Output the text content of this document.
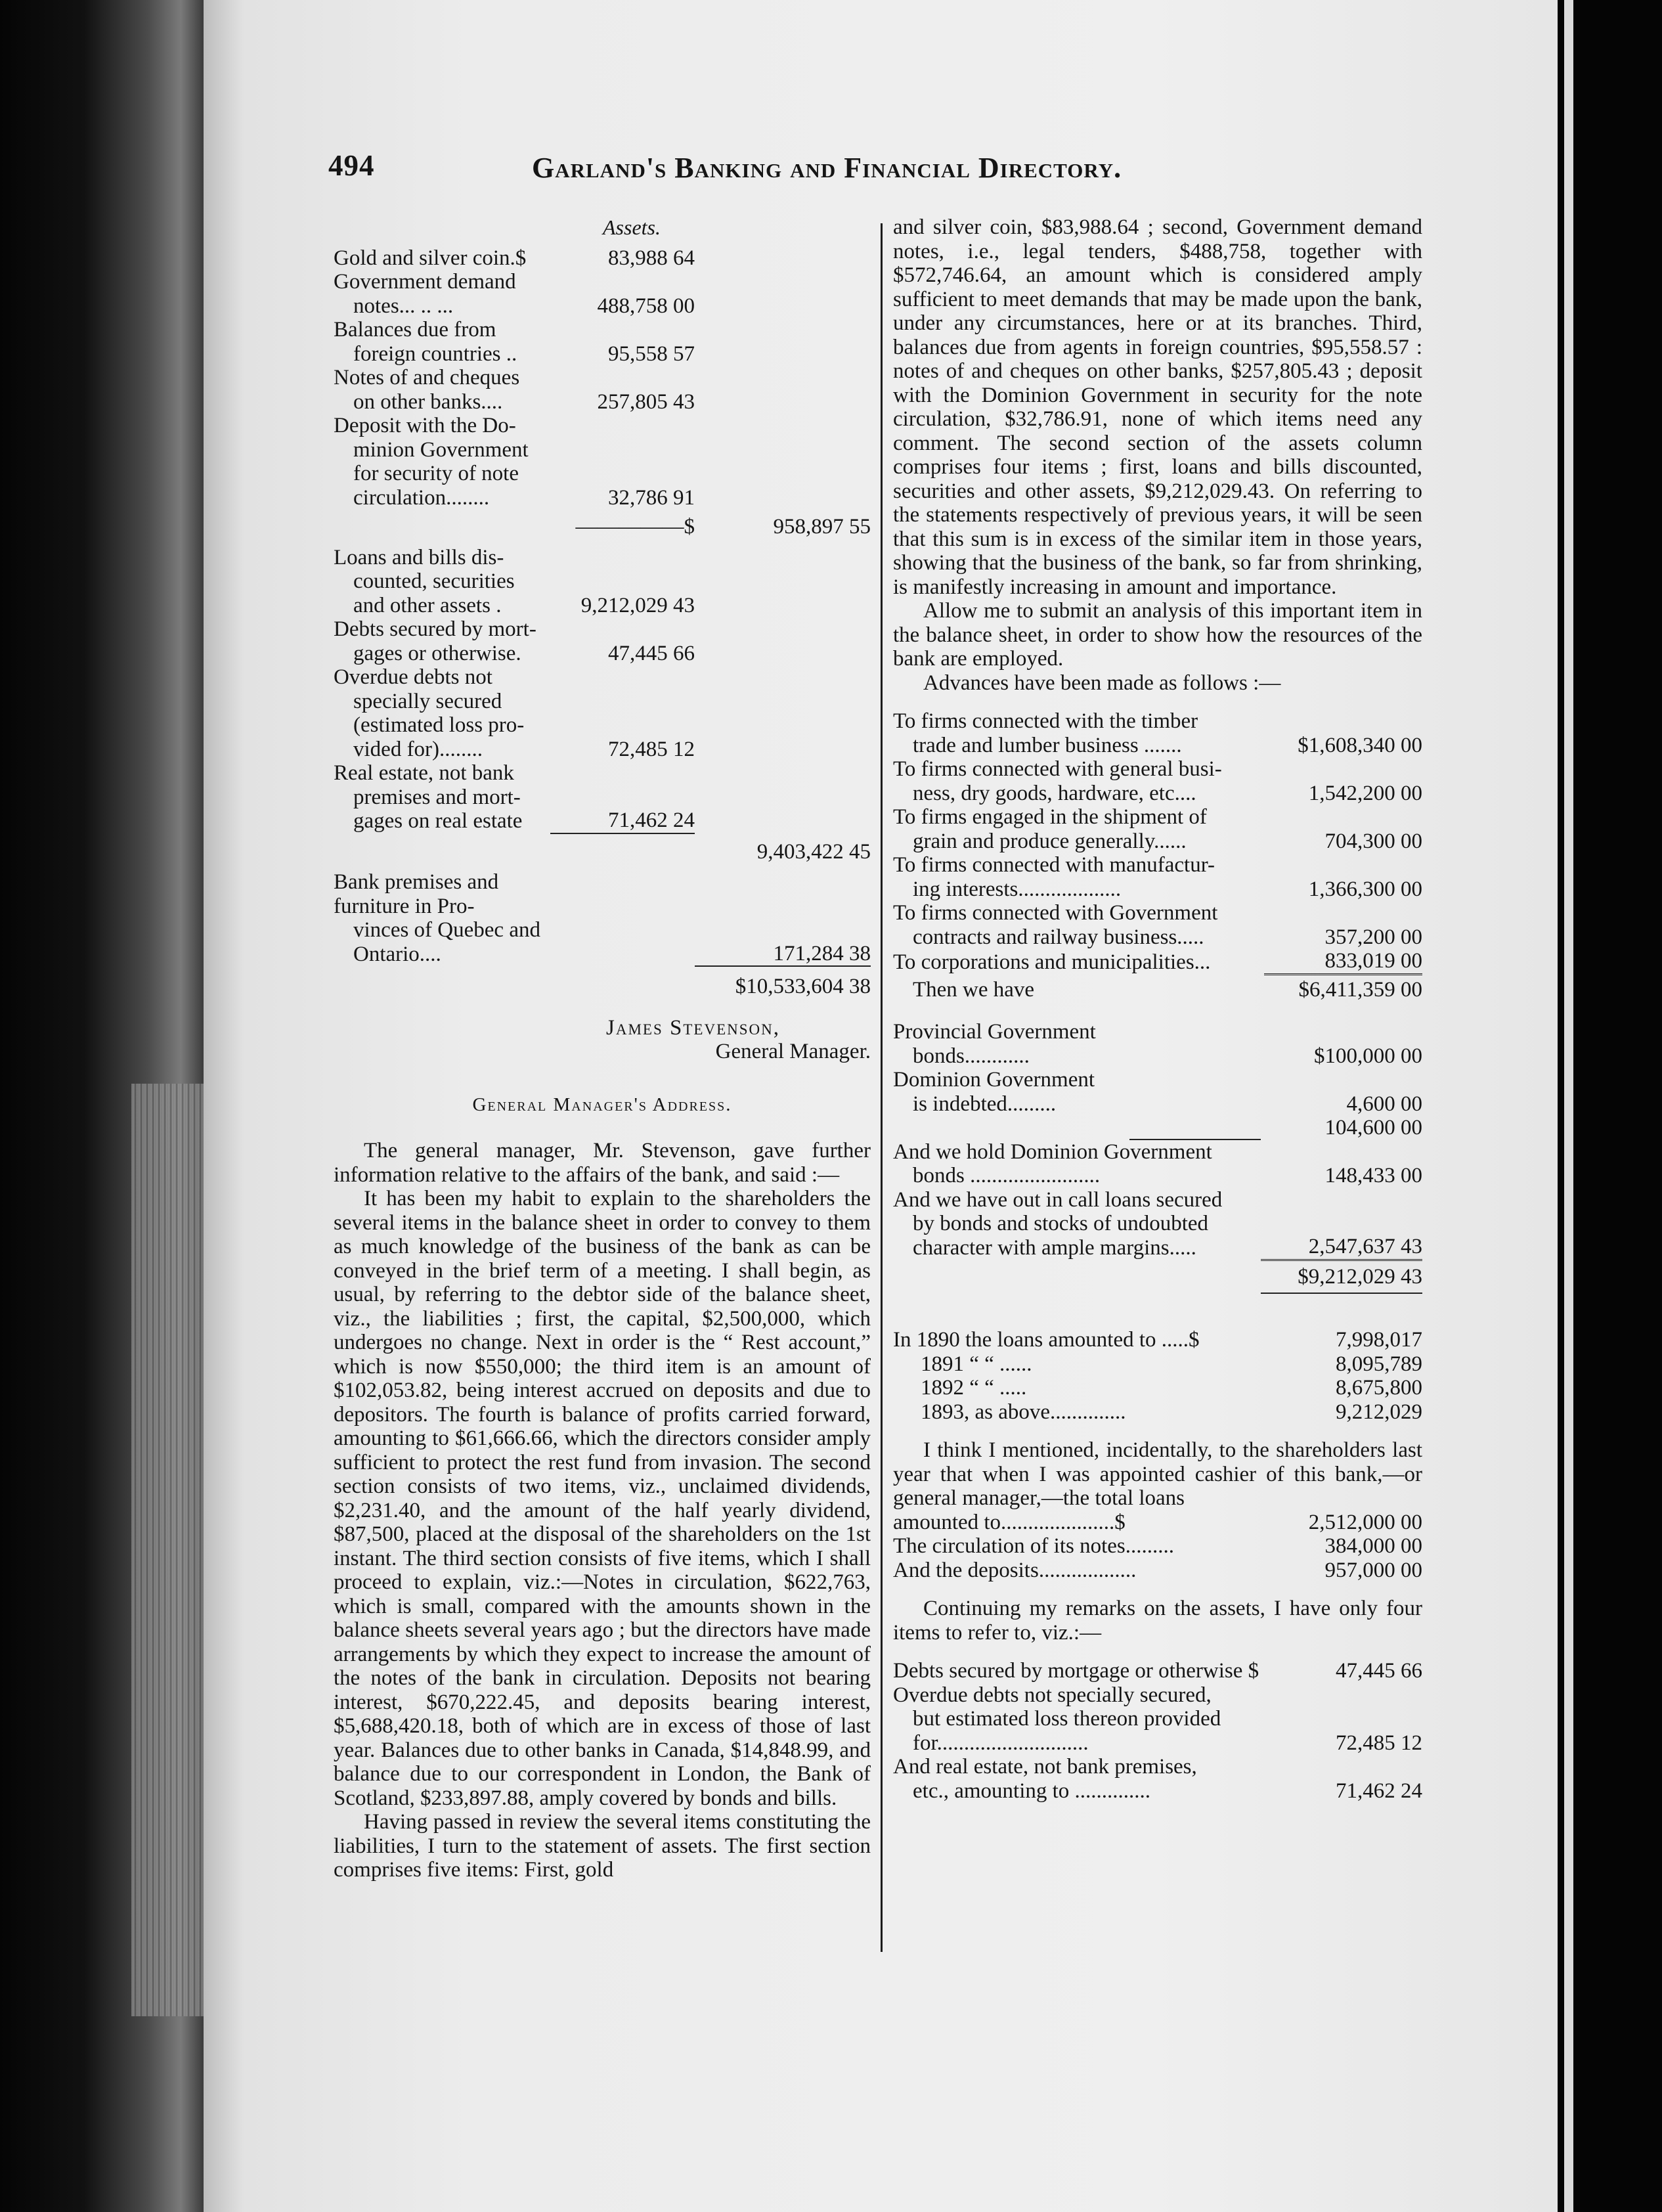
494	Garland's Banking and Financial Directory.
Assets.
Gold and silver coin.$	83,988 64	

Government demand
notes... .. ...	488,758 00	

Balances due from
foreign countries ..	95,558 57	

Notes of and cheques
on other banks....	257,805 43	

Deposit with the Do-
minion Government
for security of note
circulation........	32,786 91	

	—————$	958,897 55

Loans and bills dis-
counted, securities
and other assets .	9,212,029 43	

Debts secured by mort-
gages or otherwise.	47,445 66	

Overdue debts not
specially secured
(estimated loss pro-
vided for)........	72,485 12	

Real estate, not bank
premises and mort-
gages on real estate	71,462 24	

		9,403,422 45

Bank premises and furniture in Pro-
vinces of Quebec and Ontario....		171,284 38

		$10,533,604 38
James Stevenson,
General Manager.
General Manager's Address.
The general manager, Mr. Stevenson, gave further information relative to the affairs of the bank, and said :—
It has been my habit to explain to the shareholders the several items in the balance sheet in order to convey to them as much knowledge of the business of the bank as can be conveyed in the brief term of a meeting. I shall begin, as usual, by referring to the debtor side of the balance sheet, viz., the liabilities ; first, the capital, $2,500,000, which undergoes no change. Next in order is the “ Rest account,” which is now $550,000; the third item is an amount of $102,053.82, being interest accrued on deposits and due to depositors. The fourth is balance of profits carried forward, amounting to $61,666.66, which the directors consider amply sufficient to protect the rest fund from invasion. The second section consists of two items, viz., unclaimed dividends, $2,231.40, and the amount of the half yearly dividend, $87,500, placed at the disposal of the shareholders on the 1st instant. The third section consists of five items, which I shall proceed to explain, viz.:—Notes in circulation, $622,763, which is small, compared with the amounts shown in the balance sheets several years ago ; but the directors have made arrangements by which they expect to increase the amount of the notes of the bank in circulation. Deposits not bearing interest, $670,222.45, and deposits bearing interest, $5,688,420.18, both of which are in excess of those of last year. Balances due to other banks in Canada, $14,848.99, and balance due to our correspondent in London, the Bank of Scotland, $233,897.88, amply covered by bonds and bills.
Having passed in review the several items constituting the liabilities, I turn to the statement of assets. The first section comprises five items: First, gold
and silver coin, $83,988.64 ; second, Government demand notes, i.e., legal tenders, $488,758, together with $572,746.64, an amount which is considered amply sufficient to meet demands that may be made upon the bank, under any circumstances, here or at its branches. Third, balances due from agents in foreign countries, $95,558.57 : notes of and cheques on other banks, $257,805.43 ; deposit with the Dominion Government in security for the note circulation, $32,786.91, none of which items need any comment. The second section of the assets column comprises four items ; first, loans and bills discounted, securities and other assets, $9,212,029.43. On referring to the statements respectively of previous years, it will be seen that this sum is in excess of the similar item in those years, showing that the business of the bank, so far from shrinking, is manifestly increasing in amount and importance.
Allow me to submit an analysis of this important item in the balance sheet, in order to show how the resources of the bank are employed.
Advances have been made as follows :—
To firms connected with the timber
trade and lumber business .......	$1,608,340 00

To firms connected with general busi-
ness, dry goods, hardware, etc....	1,542,200 00

To firms engaged in the shipment of
grain and produce generally......	704,300 00

To firms connected with manufactur-
ing interests...................	1,366,300 00

To firms connected with Government
contracts and railway business.....	357,200 00

To corporations and municipalities...	833,019 00
Then we have	$6,411,359 00
Provincial Government
bonds............	$100,000 00

Dominion Government
is indebted.........	4,600 00

	104,600 00

And we hold Dominion Government
bonds ........................	148,433 00

And we have out in call loans secured
by bonds and stocks of undoubted
character with ample margins.....	2,547,637 43
	$9,212,029 43
In 1890 the loans amounted to .....$	7,998,017
1891 “ “ ......	8,095,789
1892 “ “ .....	8,675,800
1893, as above..............	9,212,029
I think I mentioned, incidentally, to the shareholders last year that when I was appointed cashier of this bank,—or general manager,—the total loans
amounted to.....................$	2,512,000 00
The circulation of its notes.........	384,000 00
And the deposits..................	957,000 00
Continuing my remarks on the assets, I have only four items to refer to, viz.:—
Debts secured by mortgage or otherwise $	47,445 66

Overdue debts not specially secured,
but estimated loss thereon provided
for............................	72,485 12

And real estate, not bank premises,
etc., amounting to ..............	71,462 24
